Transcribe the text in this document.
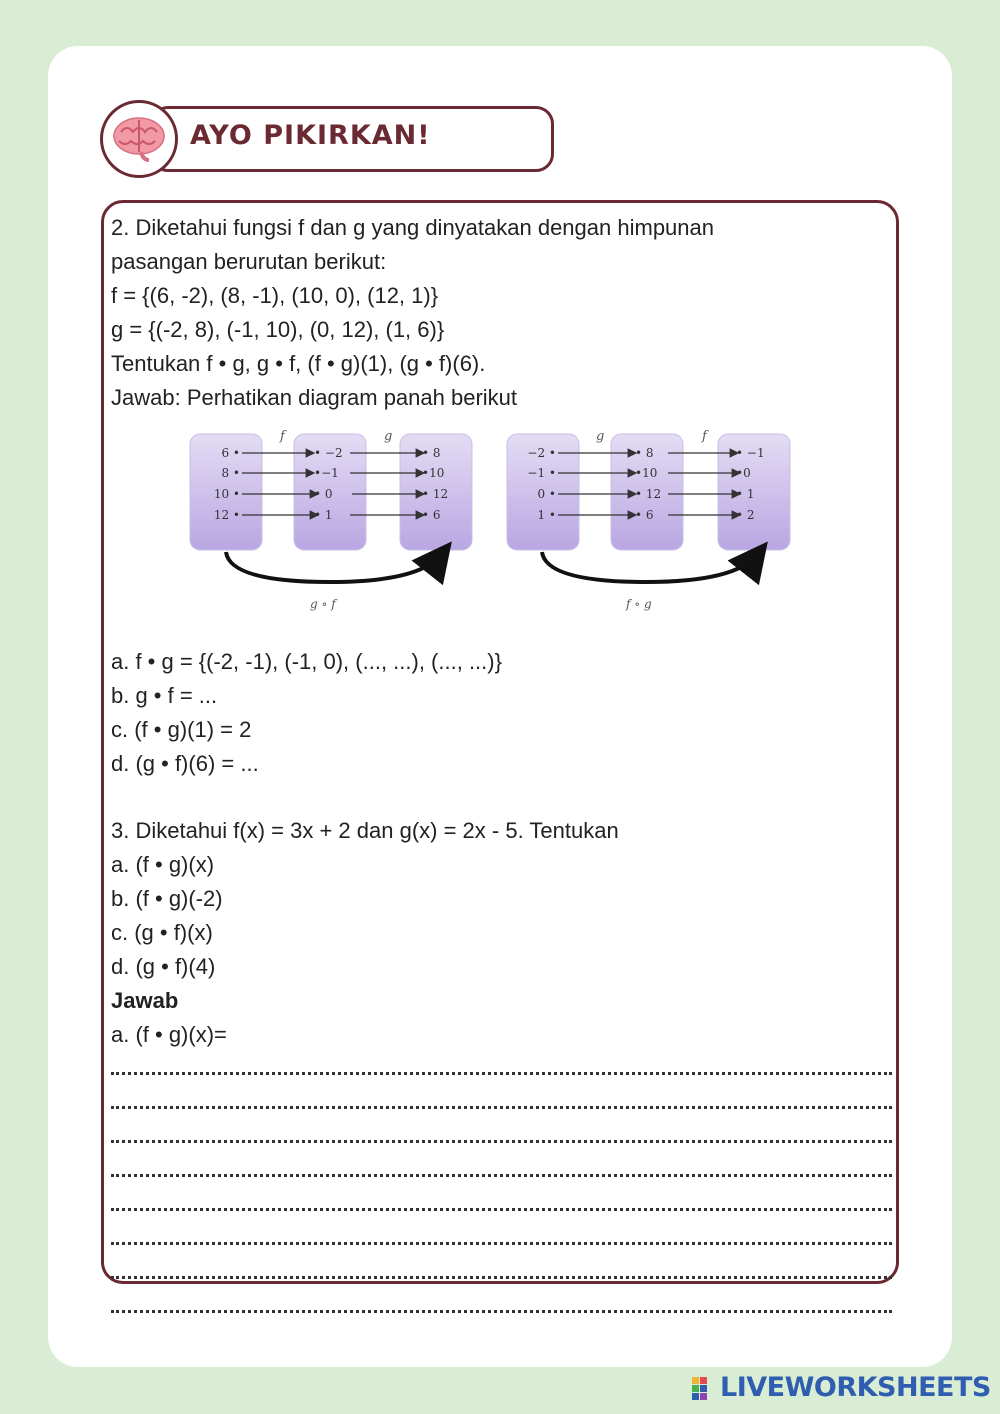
AYO PIKIRKAN!
2. Diketahui fungsi f dan g yang dinyatakan dengan himpunan
pasangan berurutan berikut:
f = {(6, -2), (8, -1), (10, 0), (12, 1)}
g = {(-2, 8), (-1, 10), (0, 12), (1, 6)}
Tentukan f • g, g • f, (f • g)(1), (g • f)(6).
Jawab: Perhatikan diagram panah berikut
f	g
6 •
8 •
10 •
12 •
• −2
•−1
• 0
• 1
• 8
•10
• 12
• 6
g ∘ f
g	f
−2 •
−1 •
0 •
1 •
• 8
•10
• 12
• 6
• −1
•0
• 1
• 2
f ∘ g
a. f • g = {(-2, -1), (-1, 0), (..., ...), (..., ...)}
b. g • f = ...
c. (f • g)(1) = 2
d. (g • f)(6) = ...
3. Diketahui f(x) = 3x + 2 dan g(x) = 2x - 5. Tentukan
a. (f • g)(x)
b. (f • g)(-2)
c. (g • f)(x)
d. (g • f)(4)
Jawab
a. (f • g)(x)=
LIVEWORKSHEETS
